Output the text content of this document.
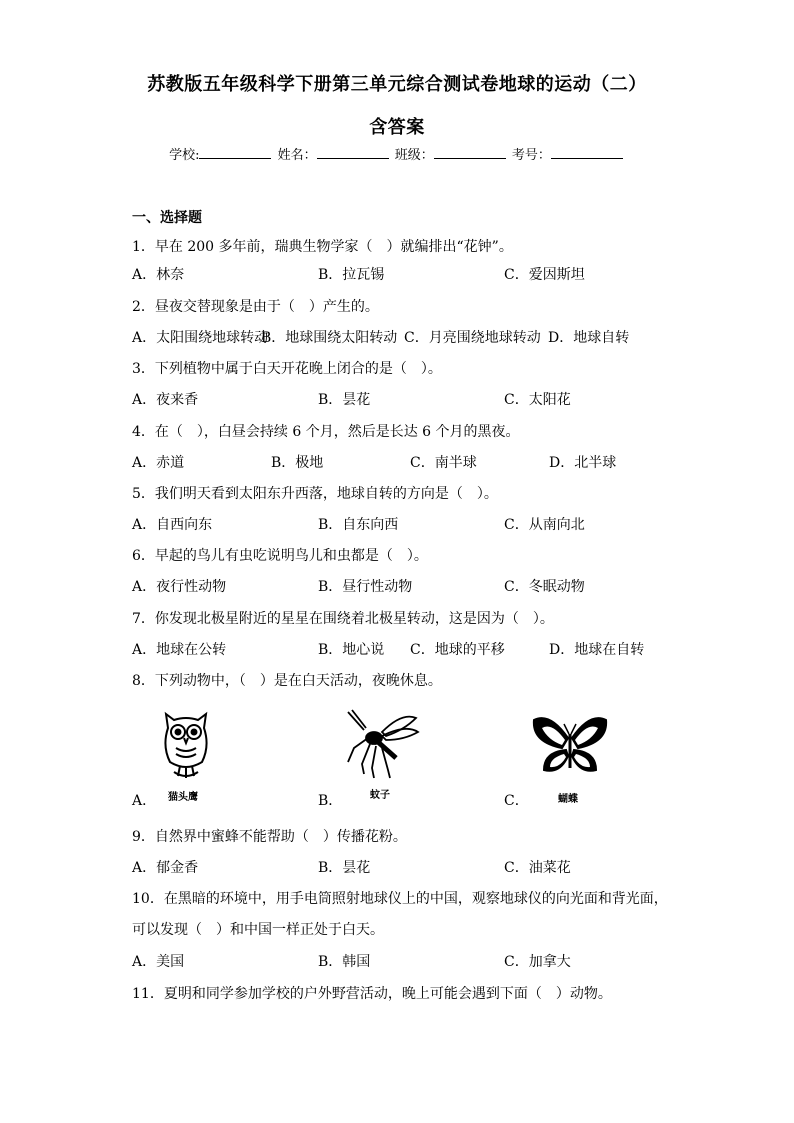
苏教版五年级科学下册第三单元综合测试卷地球的运动（二）
含答案
学校:	姓名：	班级：	考号：
一、选择题
1．早在 200 多年前，瑞典生物学家（　）就编排出“花钟”。
A．林奈	B．拉瓦锡	C．爱因斯坦
2．昼夜交替现象是由于（　）产生的。
A．太阳围绕地球转动
B．地球围绕太阳转动 C．月亮围绕地球转动 D．地球自转
3．下列植物中属于白天开花晚上闭合的是（　）。
A．夜来香	B．昙花	C．太阳花
4．在（　），白昼会持续 6 个月，然后是长达 6 个月的黑夜。
A．赤道	B．极地	C．南半球	D．北半球
5．我们明天看到太阳东升西落，地球自转的方向是（　）。
A．自西向东	B．自东向西	C．从南向北
6．早起的鸟儿有虫吃说明鸟儿和虫都是（　）。
A．夜行性动物	B．昼行性动物	C．冬眠动物
7．你发现北极星附近的星星在围绕着北极星转动，这是因为（　）。
A．地球在公转	B．地心说 C．地球的平移	D．地球在自转
8．下列动物中，（　）是在白天活动，夜晚休息。
A． 猫头鹰	B．	蚊子	C．	蝴蝶
9．自然界中蜜蜂不能帮助（　）传播花粉。
A．郁金香	B．昙花	C．油菜花
10．在黑暗的环境中，用手电筒照射地球仪上的中国，观察地球仪的向光面和背光面，
可以发现（　）和中国一样正处于白天。
A．美国	B．韩国	C．加拿大
11．夏明和同学参加学校的户外野营活动，晚上可能会遇到下面（　）动物。
